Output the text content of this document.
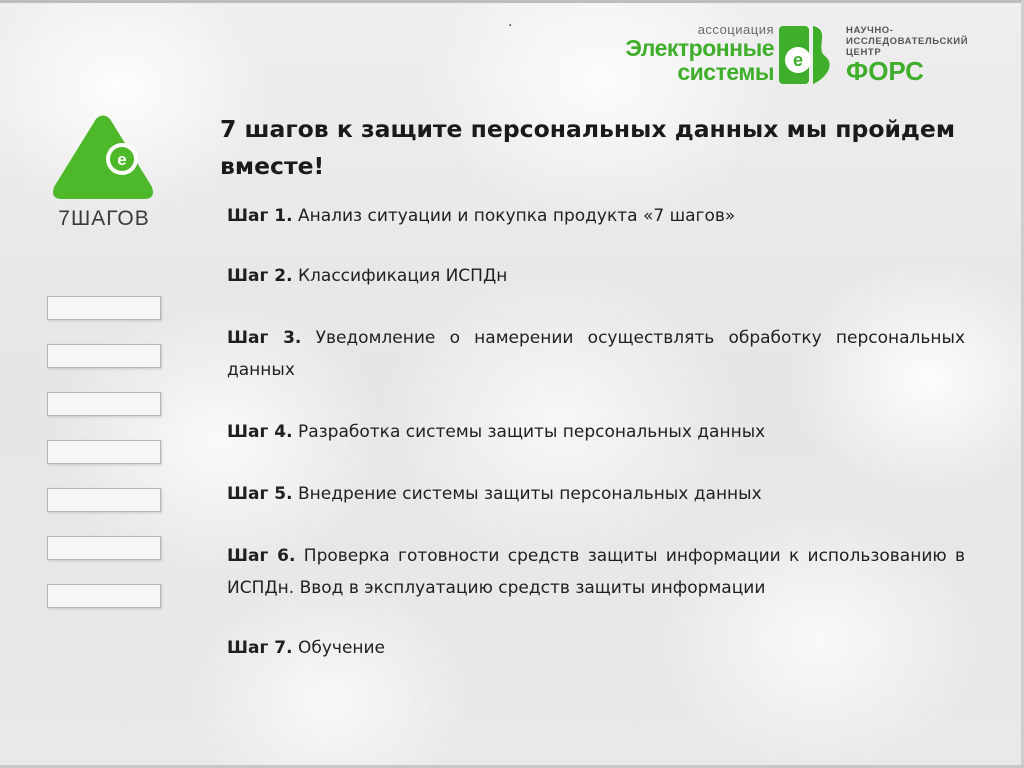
·	ассоциация
Электронные
системы e
НАУЧНО-
ИССЛЕДОВАТЕЛЬСКИЙ
ЦЕНТР
ФОРС
e
7ШАГОВ
7 шагов к защите персональных данных мы пройдем вместе!
Шаг 1. Анализ ситуации и покупка продукта «7 шагов»
Шаг 2. Классификация ИСПДн
Шаг 3. Уведомление о намерении осуществлять обработку персональных данных
Шаг 4. Разработка системы защиты персональных данных
Шаг 5. Внедрение системы защиты персональных данных
Шаг 6. Проверка готовности средств защиты информации к использованию в ИСПДн. Ввод в эксплуатацию средств защиты информации
Шаг 7. Обучение
